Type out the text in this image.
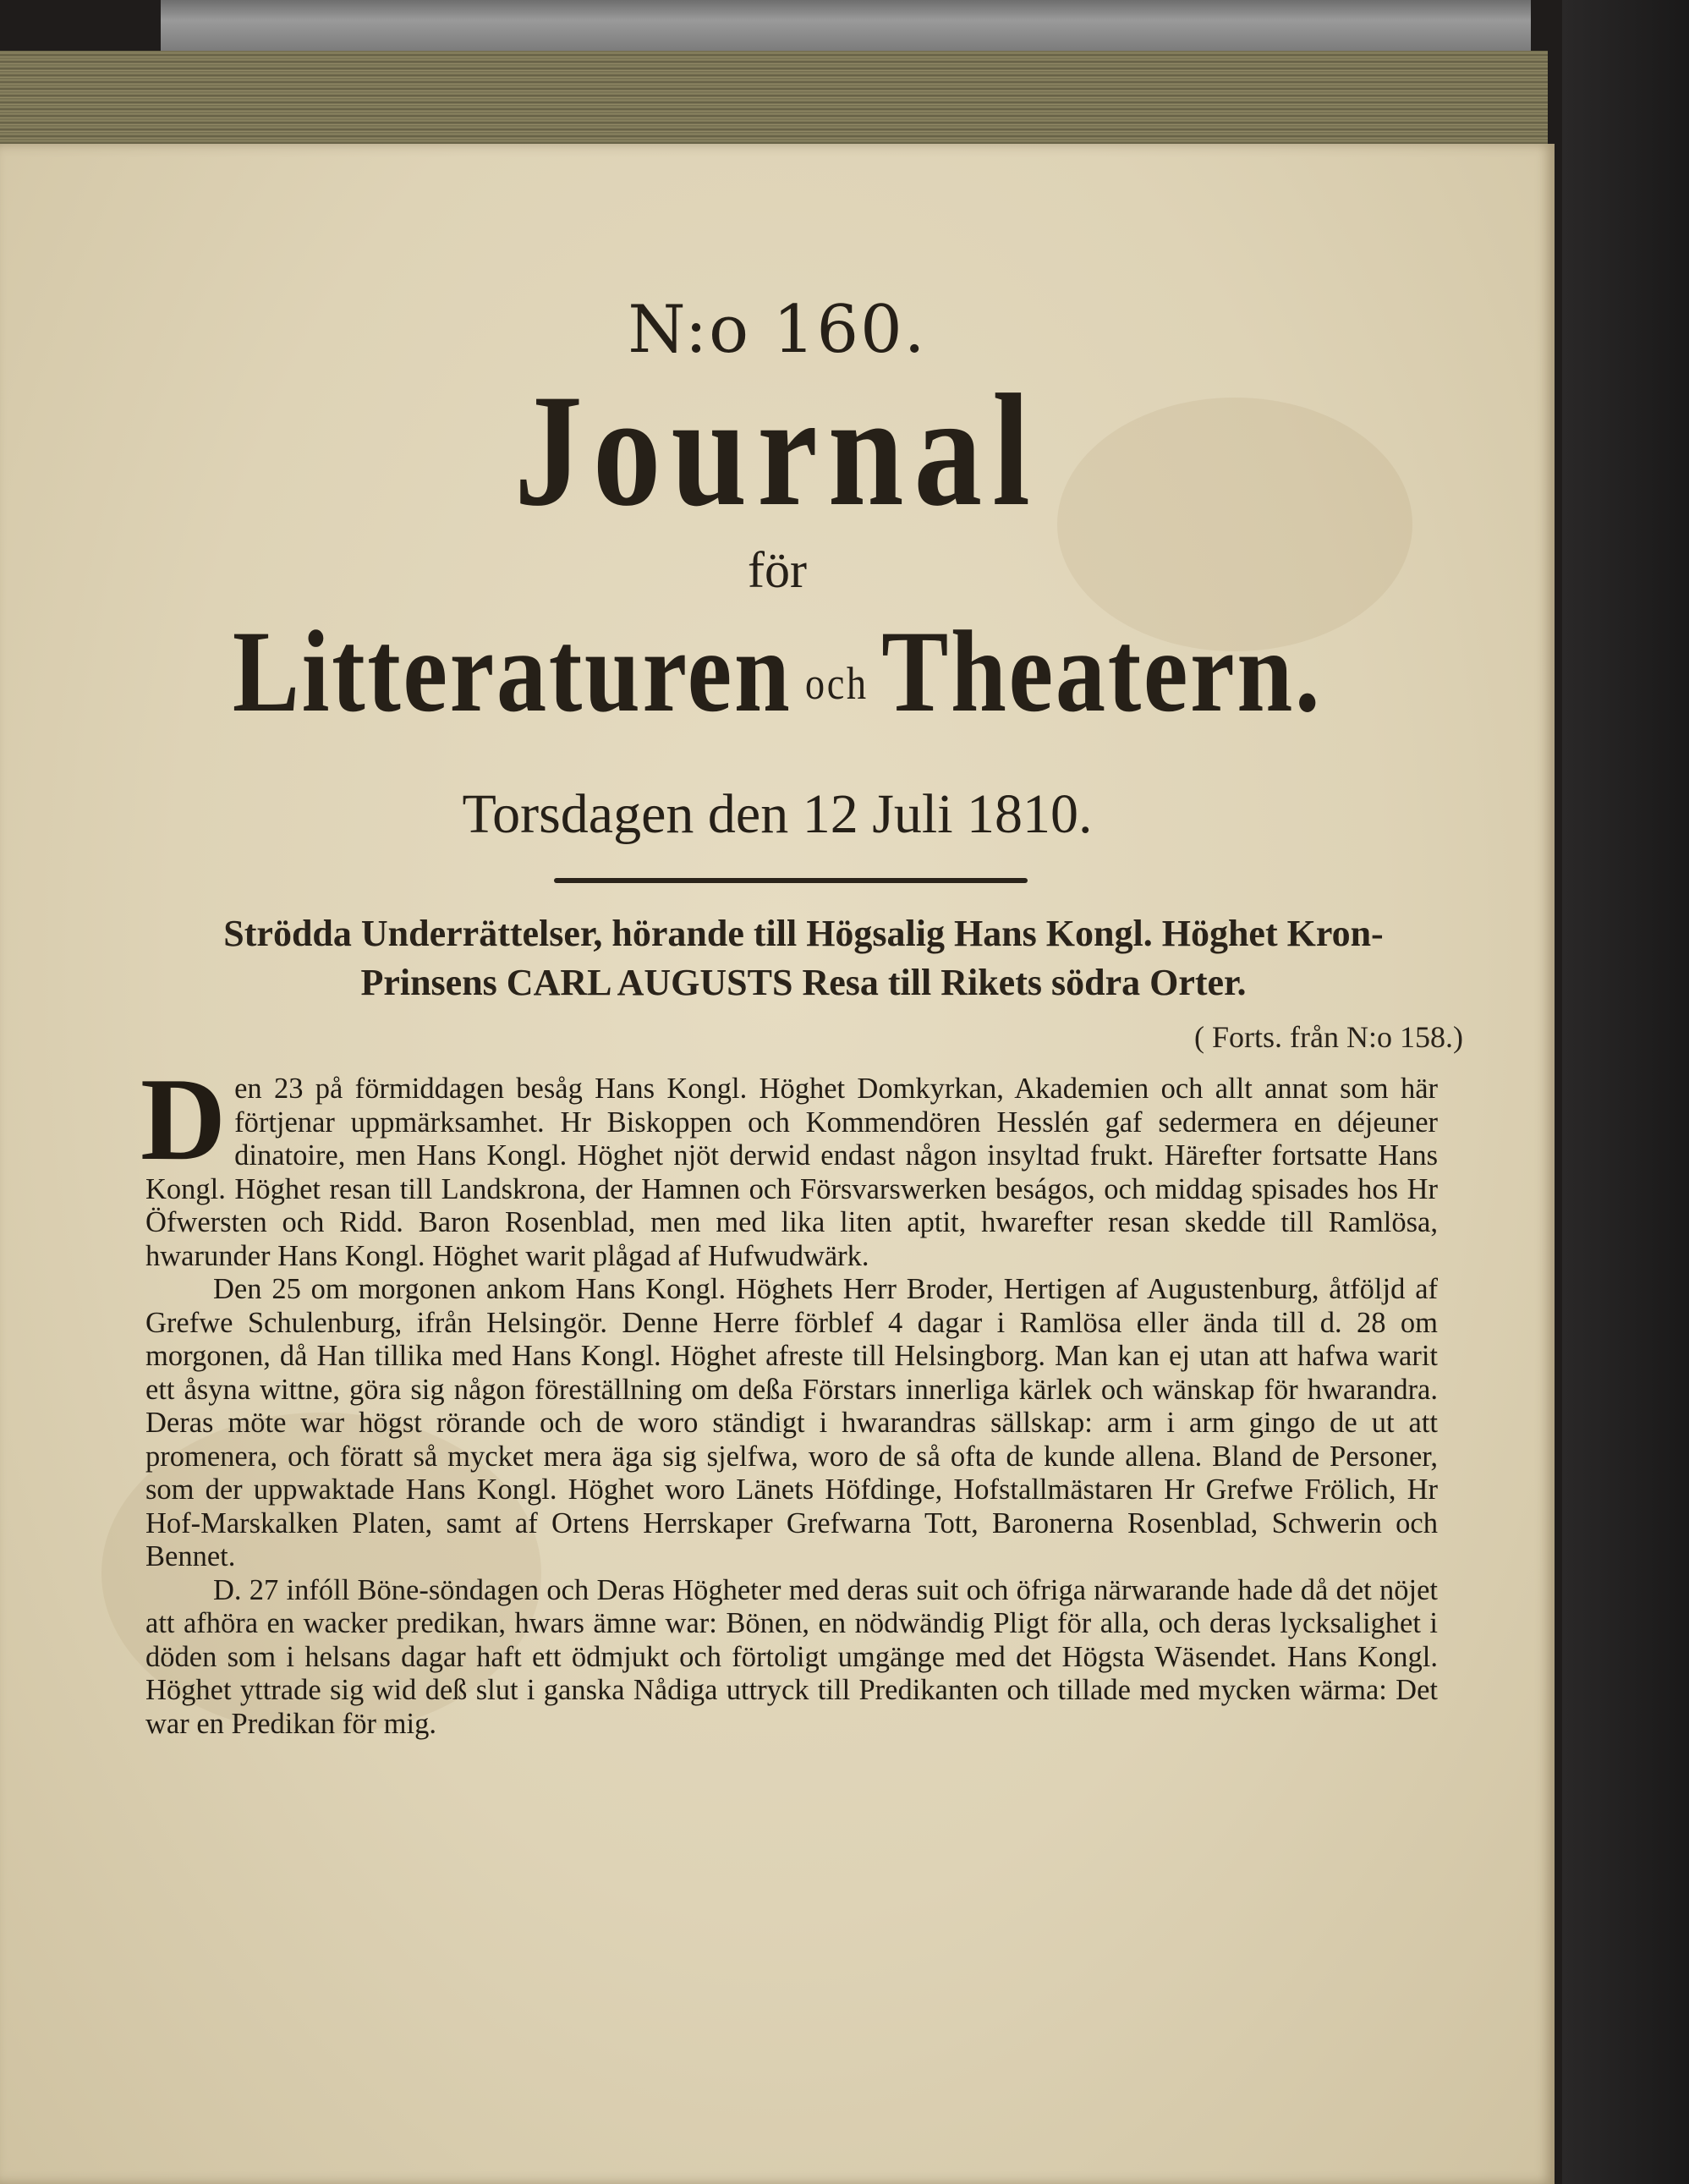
N:o 160.
Journal
för
Litteraturen och Theatern.
Torsdagen den 12 Juli 1810.
Strödda Underrättelser, hörande till Högsalig Hans Kongl. Höghet Kron-Prinsens CARL AUGUSTS Resa till Rikets södra Orter.
( Forts. från N:o 158.)

Den 23 på förmiddagen besåg Hans Kongl. Höghet Domkyrkan, Akademien och allt annat som här förtjenar uppmärksamhet. Hr Biskoppen och Kommendören Hesslén gaf sedermera en déjeuner dinatoire, men Hans Kongl. Höghet njöt derwid endast någon insyltad frukt. Härefter fortsatte Hans Kongl. Höghet resan till Landskrona, der Hamnen och Försvarswerken beságos, och middag spisades hos Hr Öfwersten och Ridd. Baron Rosenblad, men med lika liten aptit, hwarefter resan skedde till Ramlösa, hwarunder Hans Kongl. Höghet warit plågad af Hufwudwärk.

Den 25 om morgonen ankom Hans Kongl. Höghets Herr Broder, Hertigen af Augustenburg, åtföljd af Grefwe Schulenburg, ifrån Helsingör. Denne Herre förblef 4 dagar i Ramlösa eller ända till d. 28 om morgonen, då Han tillika med Hans Kongl. Höghet afreste till Helsingborg. Man kan ej utan att hafwa warit ett åsyna wittne, göra sig någon föreställning om deßa Förstars innerliga kärlek och wänskap för hwarandra. Deras möte war högst rörande och de woro ständigt i hwarandras sällskap: arm i arm gingo de ut att promenera, och föratt så mycket mera äga sig sjelfwa, woro de så ofta de kunde allena. Bland de Personer, som der uppwaktade Hans Kongl. Höghet woro Länets Höfdinge, Hofstallmästaren Hr Grefwe Frölich, Hr Hof-Marskalken Platen, samt af Ortens Herrskaper Grefwarna Tott, Baronerna Rosenblad, Schwerin och Bennet.

D. 27 infóll Böne-söndagen och Deras Högheter med deras suit och öfriga närwarande hade då det nöjet att afhöra en wacker predikan, hwars ämne war: Bönen, en nödwändig Pligt för alla, och deras lycksalighet i döden som i helsans dagar haft ett ödmjukt och förtoligt umgänge med det Högsta Wäsendet. Hans Kongl. Höghet yttrade sig wid deß slut i ganska Nådiga uttryck till Predikanten och tillade med mycken wärma: Det war en Predikan för mig.
